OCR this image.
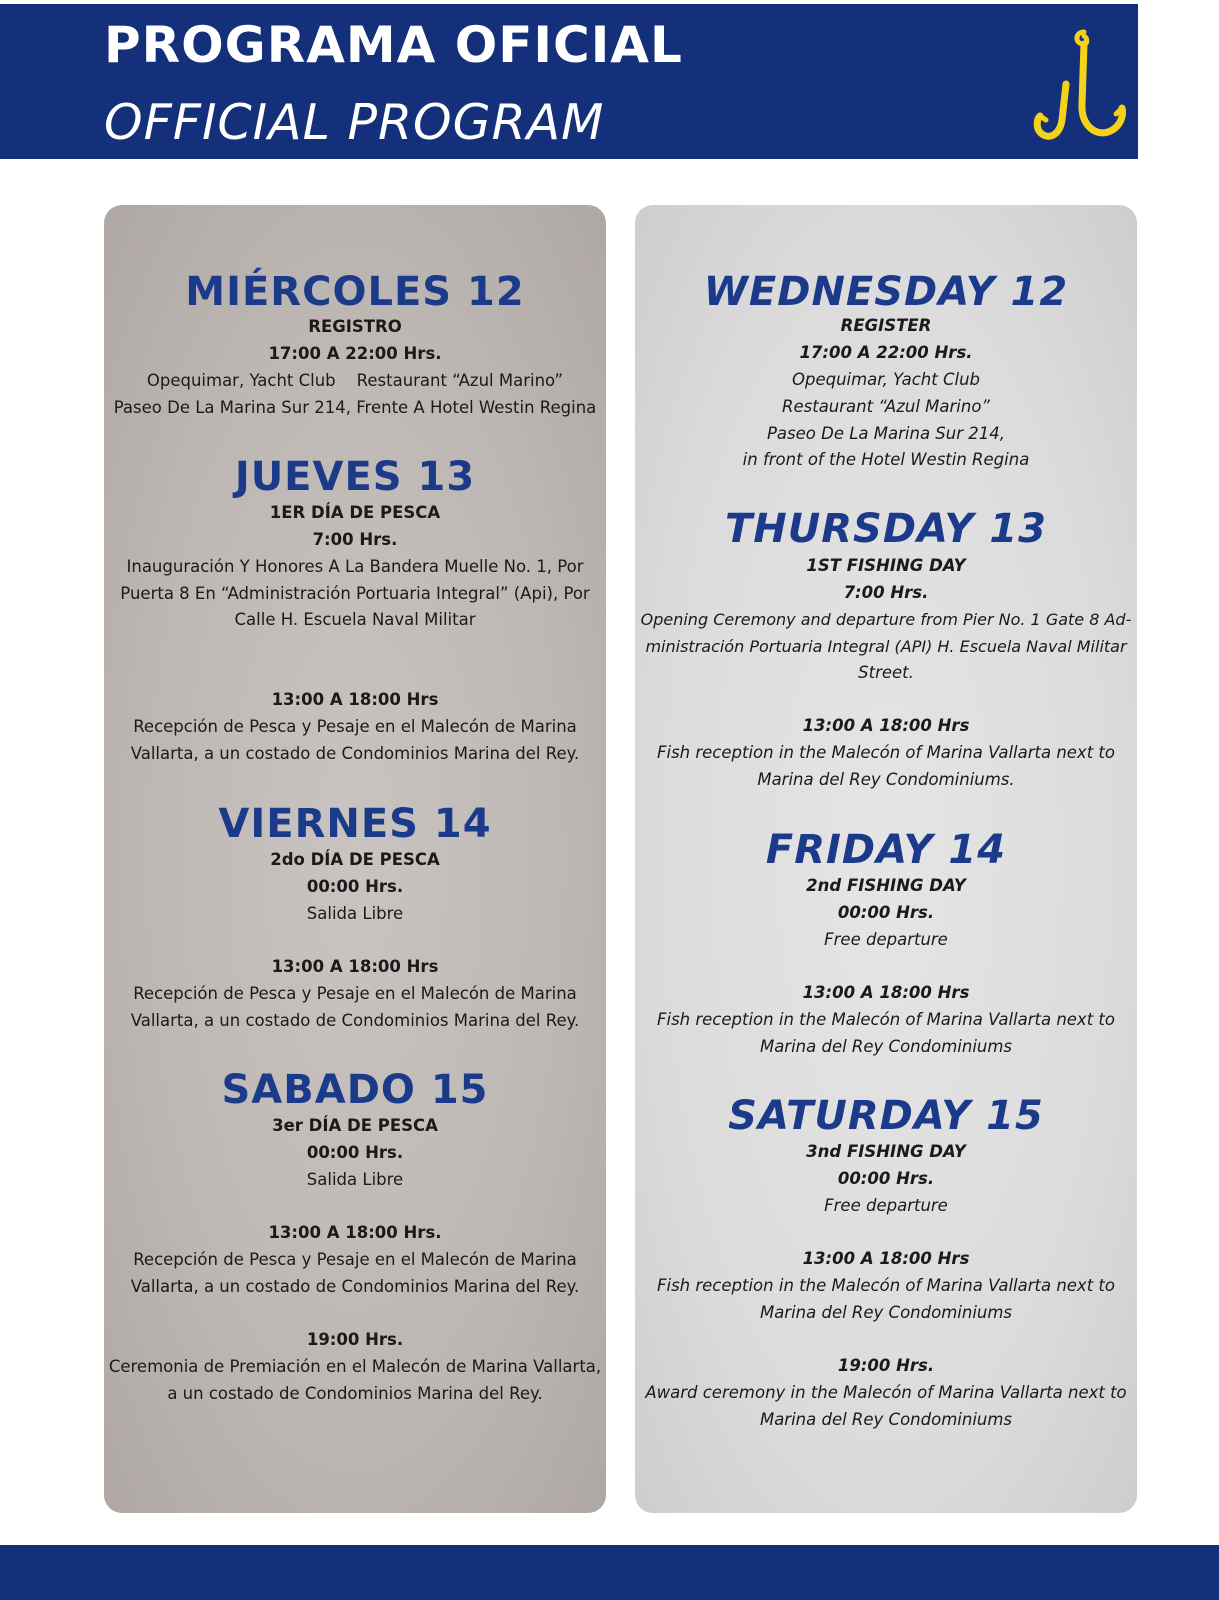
PROGRAMA OFICIAL
OFFICIAL PROGRAM
MIÉRCOLES 12
REGISTRO
17:00 A 22:00 Hrs.
Opequimar, Yacht Club    Restaurant “Azul Marino”
Paseo De La Marina Sur 214, Frente A Hotel Westin Regina
JUEVES 13
1ER DÍA DE PESCA
7:00 Hrs.
Inauguración Y Honores A La Bandera Muelle No. 1, Por
Puerta 8 En “Administración Portuaria Integral” (Api), Por
Calle H. Escuela Naval Militar
13:00 A 18:00 Hrs
Recepción de Pesca y Pesaje en el Malecón de Marina
Vallarta, a un costado de Condominios Marina del Rey.
VIERNES 14
2do DÍA DE PESCA
00:00 Hrs.
Salida Libre
13:00 A 18:00 Hrs
Recepción de Pesca y Pesaje en el Malecón de Marina
Vallarta, a un costado de Condominios Marina del Rey.
SABADO 15
3er DÍA DE PESCA
00:00 Hrs.
Salida Libre
13:00 A 18:00 Hrs.
Recepción de Pesca y Pesaje en el Malecón de Marina
Vallarta, a un costado de Condominios Marina del Rey.
19:00 Hrs.
Ceremonia de Premiación en el Malecón de Marina Vallarta,
a un costado de Condominios Marina del Rey.
WEDNESDAY 12
REGISTER
17:00 A 22:00 Hrs.
Opequimar, Yacht Club
Restaurant “Azul Marino”
Paseo De La Marina Sur 214,
in front of the Hotel Westin Regina
THURSDAY 13
1ST FISHING DAY
7:00 Hrs.
Opening Ceremony and departure from Pier No. 1 Gate 8 Ad-
ministración Portuaria Integral (API) H. Escuela Naval Militar
Street.
13:00 A 18:00 Hrs
Fish reception in the Malecón of Marina Vallarta next to
Marina del Rey Condominiums.
FRIDAY 14
2nd FISHING DAY
00:00 Hrs.
Free departure
13:00 A 18:00 Hrs
Fish reception in the Malecón of Marina Vallarta next to
Marina del Rey Condominiums
SATURDAY 15
3nd FISHING DAY
00:00 Hrs.
Free departure
13:00 A 18:00 Hrs
Fish reception in the Malecón of Marina Vallarta next to
Marina del Rey Condominiums
19:00 Hrs.
Award ceremony in the Malecón of Marina Vallarta next to
Marina del Rey Condominiums
